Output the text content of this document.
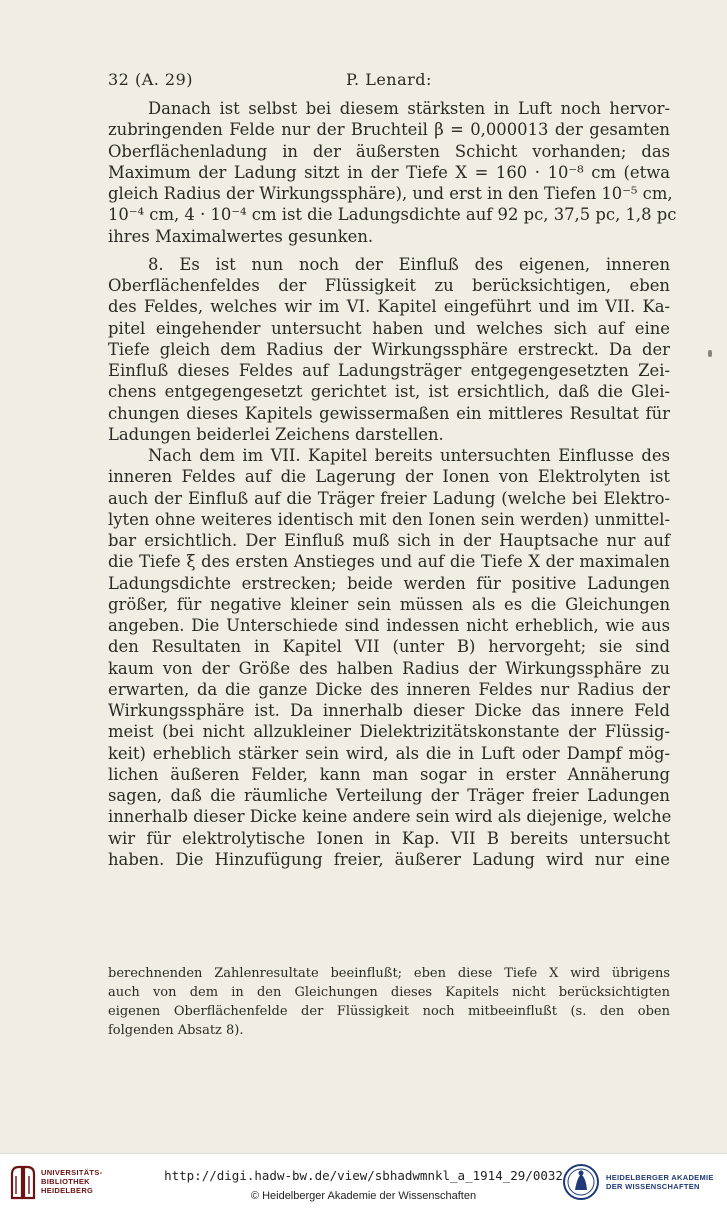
32 (A. 29)	P. Lenard:
Danach ist selbst bei diesem stärksten in Luft noch hervor-
zubringenden Felde nur der Bruchteil β = 0,000013 der gesamten
Oberflächenladung in der äußersten Schicht vorhanden; das
Maximum der Ladung sitzt in der Tiefe X = 160 · 10⁻⁸ cm (etwa
gleich Radius der Wirkungssphäre), und erst in den Tiefen 10⁻⁵ cm,
10⁻⁴ cm, 4 · 10⁻⁴ cm ist die Ladungsdichte auf 92 pc, 37,5 pc, 1,8 pc
ihres Maximalwertes gesunken.
8. Es ist nun noch der Einfluß des eigenen, inneren
Oberflächenfeldes der Flüssigkeit zu berücksichtigen, eben
des Feldes, welches wir im VI. Kapitel eingeführt und im VII. Ka-
pitel eingehender untersucht haben und welches sich auf eine
Tiefe gleich dem Radius der Wirkungssphäre erstreckt. Da der
Einfluß dieses Feldes auf Ladungsträger entgegengesetzten Zei-
chens entgegengesetzt gerichtet ist, ist ersichtlich, daß die Glei-
chungen dieses Kapitels gewissermaßen ein mittleres Resultat für
Ladungen beiderlei Zeichens darstellen.
Nach dem im VII. Kapitel bereits untersuchten Einflusse des
inneren Feldes auf die Lagerung der Ionen von Elektrolyten ist
auch der Einfluß auf die Träger freier Ladung (welche bei Elektro-
lyten ohne weiteres identisch mit den Ionen sein werden) unmittel-
bar ersichtlich. Der Einfluß muß sich in der Hauptsache nur auf
die Tiefe ξ des ersten Anstieges und auf die Tiefe X der maximalen
Ladungsdichte erstrecken; beide werden für positive Ladungen
größer, für negative kleiner sein müssen als es die Gleichungen
angeben. Die Unterschiede sind indessen nicht erheblich, wie aus
den Resultaten in Kapitel VII (unter B) hervorgeht; sie sind
kaum von der Größe des halben Radius der Wirkungssphäre zu
erwarten, da die ganze Dicke des inneren Feldes nur Radius der
Wirkungssphäre ist. Da innerhalb dieser Dicke das innere Feld
meist (bei nicht allzukleiner Dielektrizitätskonstante der Flüssig-
keit) erheblich stärker sein wird, als die in Luft oder Dampf mög-
lichen äußeren Felder, kann man sogar in erster Annäherung
sagen, daß die räumliche Verteilung der Träger freier Ladungen
innerhalb dieser Dicke keine andere sein wird als diejenige, welche
wir für elektrolytische Ionen in Kap. VII B bereits untersucht
haben. Die Hinzufügung freier, äußerer Ladung wird nur eine
berechnenden Zahlenresultate beeinflußt; eben diese Tiefe X wird übrigens
auch von dem in den Gleichungen dieses Kapitels nicht berücksichtigten
eigenen Oberflächenfelde der Flüssigkeit noch mitbeeinflußt (s. den oben
folgenden Absatz 8).
UNIVERSITÄTS-
BIBLIOTHEK
HEIDELBERG
http://digi.hadw-bw.de/view/sbhadwmnkl_a_1914_29/0032
© Heidelberger Akademie der Wissenschaften
HEIDELBERGER AKADEMIE
DER WISSENSCHAFTEN
